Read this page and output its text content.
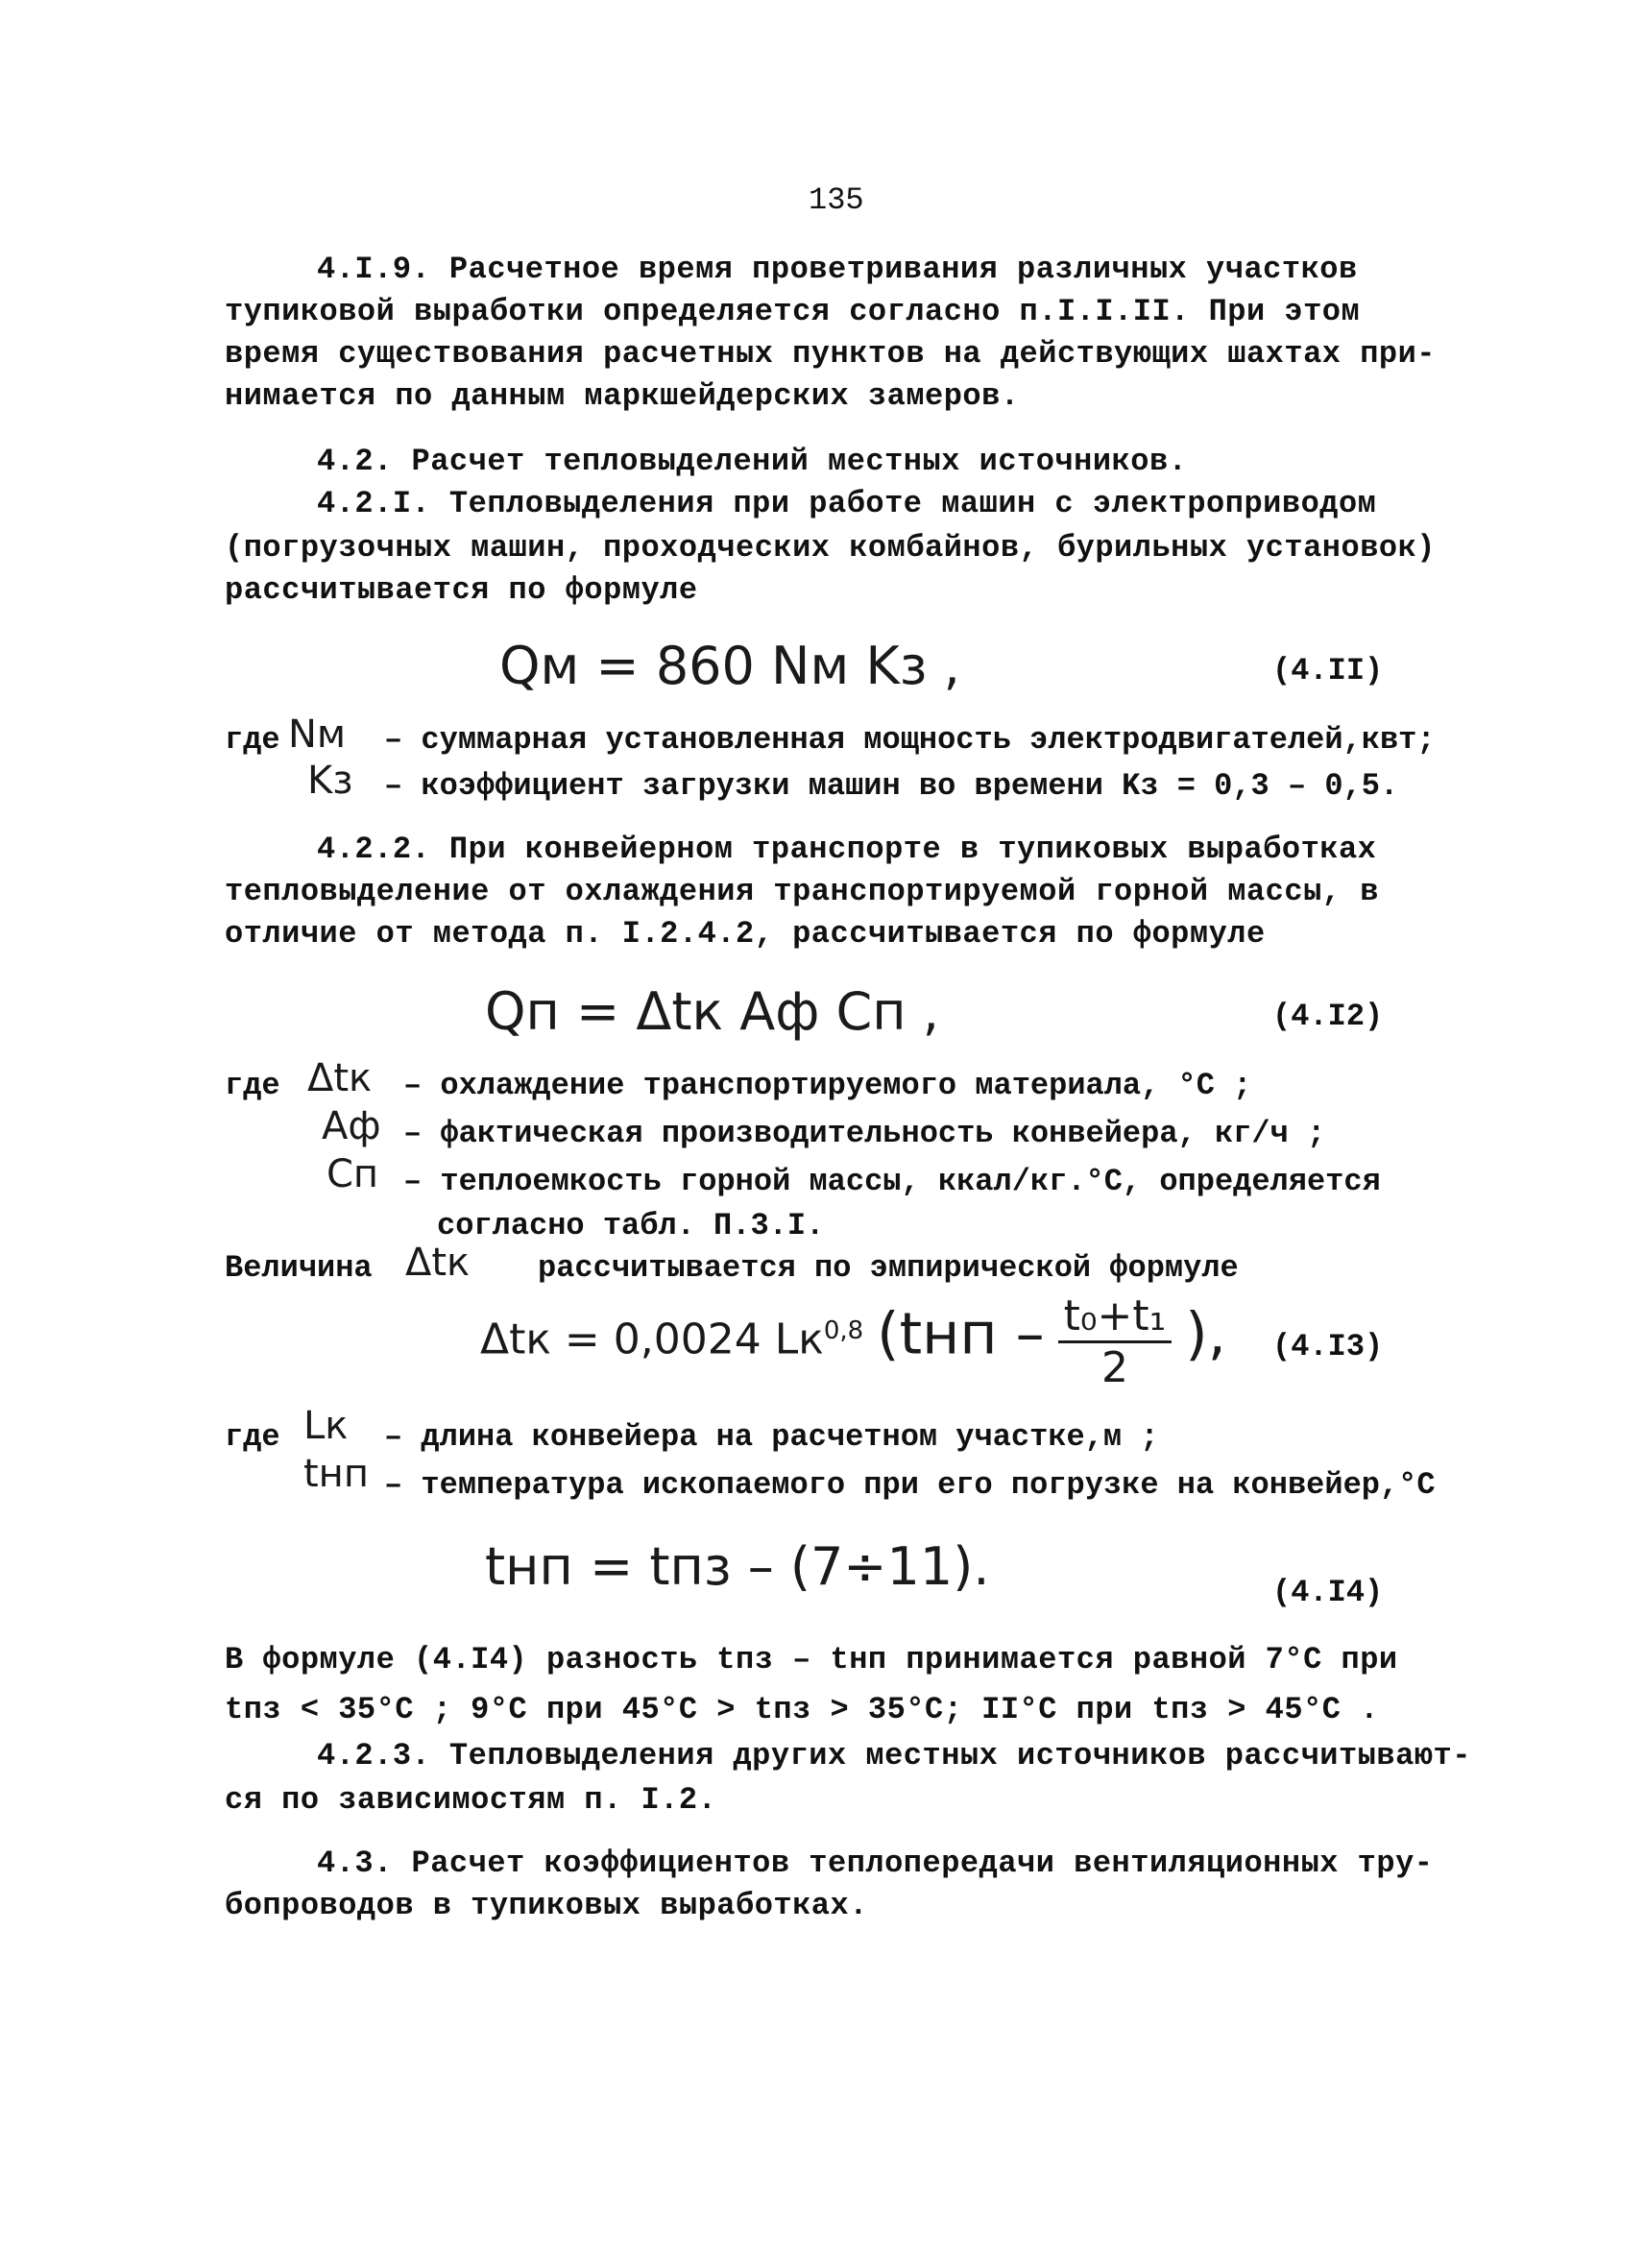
135
4.I.9. Расчетное время проветривания различных участков
тупиковой выработки определяется согласно п.I.I.II. При этом
время существования расчетных пунктов на действующих шахтах при-
нимается по данным маркшейдерских замеров.
4.2. Расчет тепловыделений местных источников.
4.2.I. Тепловыделения при работе машин с электроприводом
(погрузочных машин, проходческих комбайнов, бурильных установок)
рассчитывается по формуле
Qм = 860 Nм Kз ,	(4.II)
где Nм – суммарная установленная мощность электродвигателей,квт;
Kз – коэффициент загрузки машин во времени Kз = 0,3 – 0,5.
4.2.2. При конвейерном транспорте в тупиковых выработках
тепловыделение от охлаждения транспортируемой горной массы, в
отличие от метода п. I.2.4.2, рассчитывается по формуле
Qп = Δtк Aф Cп ,	(4.I2)
где Δtк – охлаждение транспортируемого материала, °C ;
Aф – фактическая производительность конвейера, кг/ч ;
Cп – теплоемкость горной массы, ккал/кг.°C, определяется
согласно табл. П.3.I.
Величина Δtк рассчитывается по эмпирической формуле
Δtк = 0,0024 Lк$^{0,8}$ ($tнп - \frac{\text{t₀+t₁}}{2}$ ), (4.I3)
где Lк – длина конвейера на расчетном участке,м ;
tнп – температура ископаемого при его погрузке на конвейер,°C
tнп = tпз – (7÷11).	(4.I4)
В формуле (4.I4) разность tпз – tнп принимается равной 7°C при
tпз < 35°C ; 9°C при 45°C > tпз > 35°C; II°C при tпз > 45°C .
4.2.3. Тепловыделения других местных источников рассчитывают-
ся по зависимостям п. I.2.
4.3. Расчет коэффициентов теплопередачи вентиляционных тру-
бопроводов в тупиковых выработках.
